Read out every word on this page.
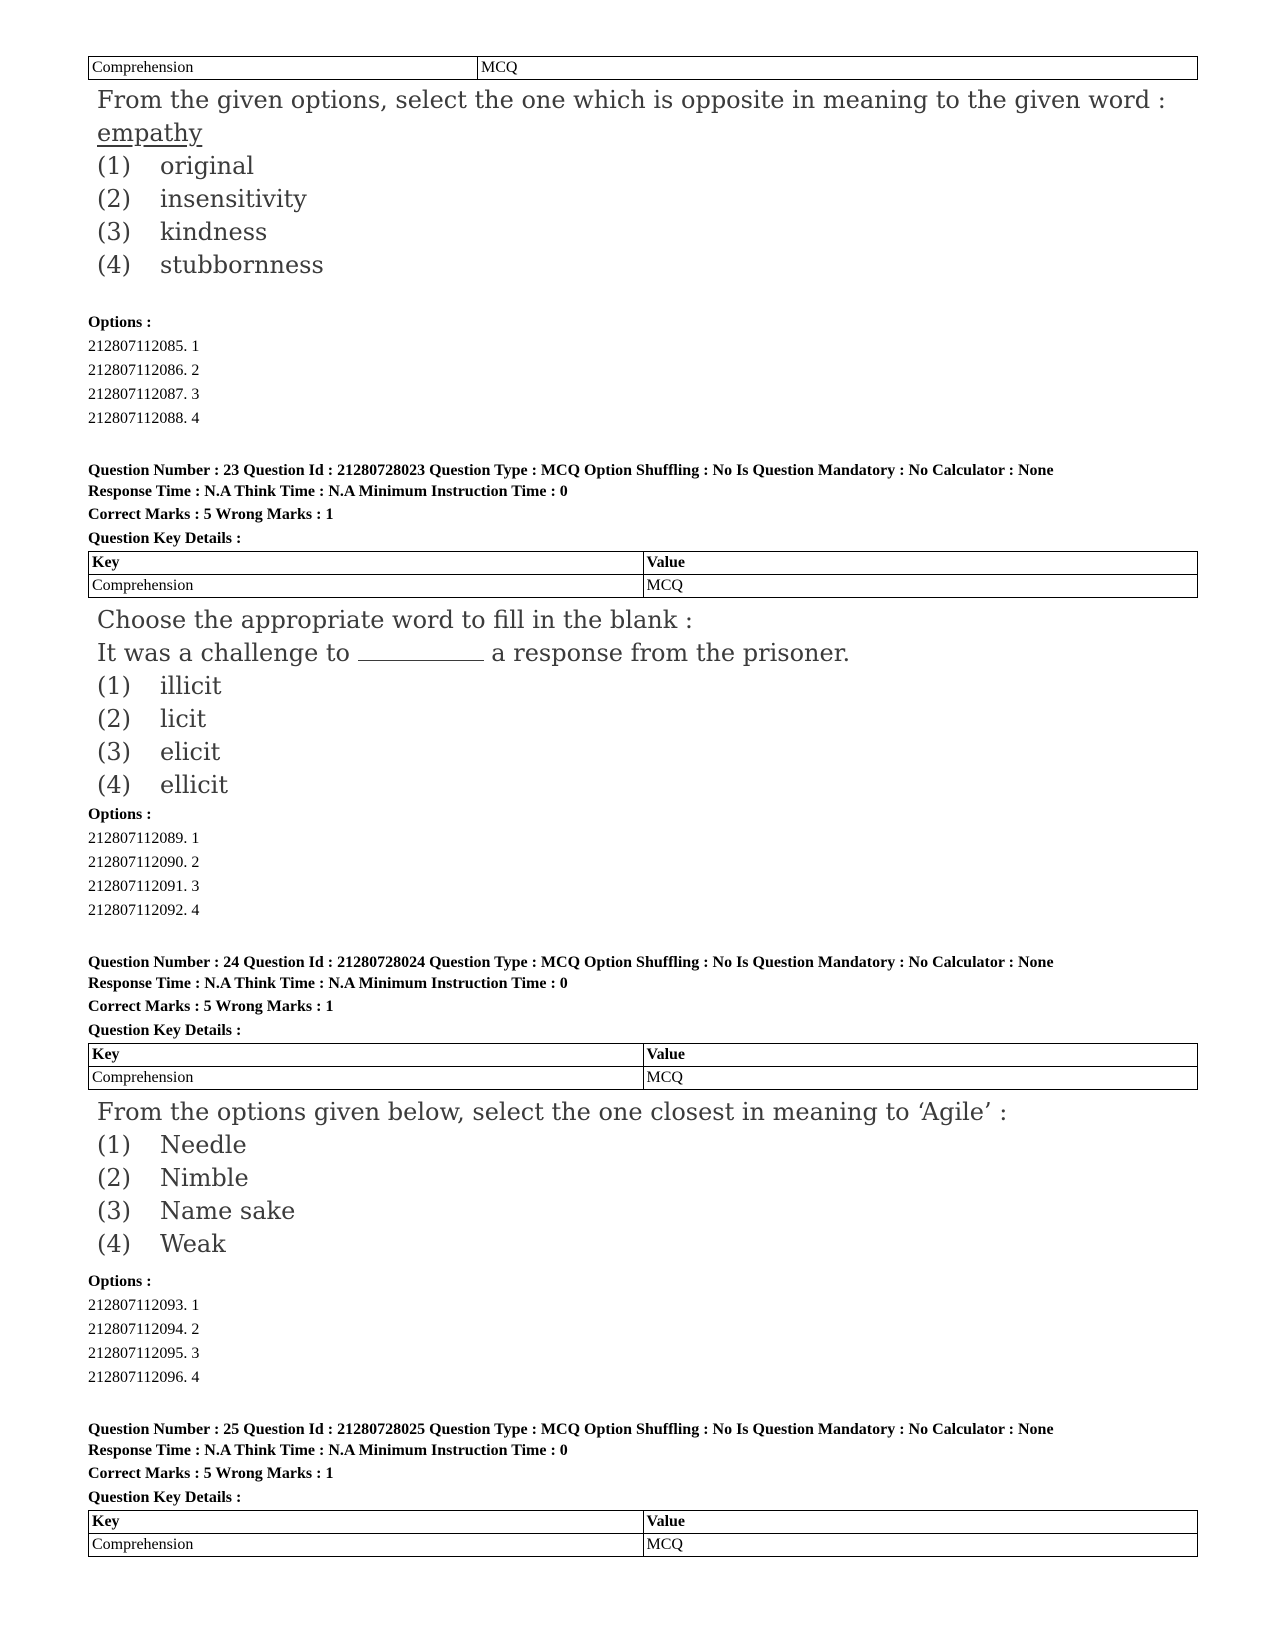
Comprehension	MCQ
From the given options, select the one which is opposite in meaning to the given word :
empathy
(1)	original
(2)	insensitivity
(3)	kindness
(4)	stubbornness
Options :
212807112085. 1
212807112086. 2
212807112087. 3
212807112088. 4
Question Number : 23 Question Id : 21280728023 Question Type : MCQ Option Shuffling : No Is Question Mandatory : No Calculator : None
Response Time : N.A Think Time : N.A Minimum Instruction Time : 0
Correct Marks : 5 Wrong Marks : 1
Question Key Details :
Key	Value
Comprehension	MCQ
Choose the appropriate word to fill in the blank :
It was a challenge to	a response from the prisoner.
(1)	illicit
(2)	licit
(3)	elicit
(4)	ellicit
Options :
212807112089. 1
212807112090. 2
212807112091. 3
212807112092. 4
Question Number : 24 Question Id : 21280728024 Question Type : MCQ Option Shuffling : No Is Question Mandatory : No Calculator : None
Response Time : N.A Think Time : N.A Minimum Instruction Time : 0
Correct Marks : 5 Wrong Marks : 1
Question Key Details :
Key	Value
Comprehension	MCQ
From the options given below, select the one closest in meaning to ‘Agile’ :
(1)	Needle
(2)	Nimble
(3)	Name sake
(4)	Weak
Options :
212807112093. 1
212807112094. 2
212807112095. 3
212807112096. 4
Question Number : 25 Question Id : 21280728025 Question Type : MCQ Option Shuffling : No Is Question Mandatory : No Calculator : None
Response Time : N.A Think Time : N.A Minimum Instruction Time : 0
Correct Marks : 5 Wrong Marks : 1
Question Key Details :
Key	Value
Comprehension	MCQ
